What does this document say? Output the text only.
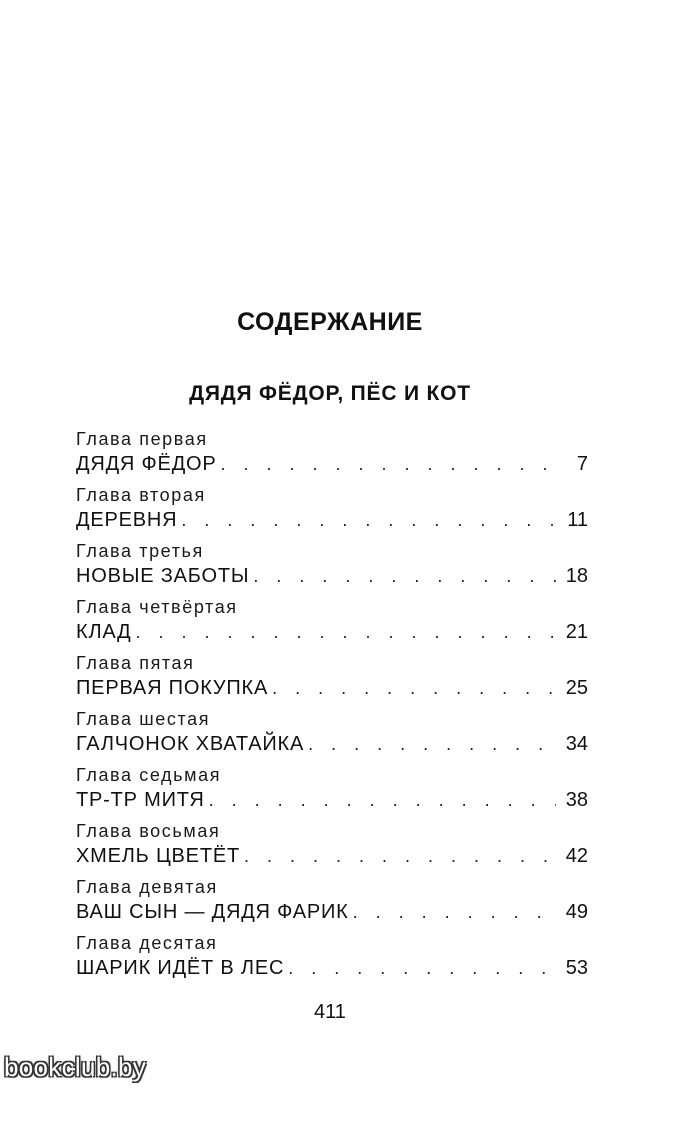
СОДЕРЖАНИЕ
ДЯДЯ ФЁДОР, ПЁС И КОТ
Глава первая
ДЯДЯ ФЁДОР . . .	7
Глава вторая
ДЕРЕВНЯ . . .	11
Глава третья
НОВЫЕ ЗАБОТЫ . . .	18
Глава четвёртая
КЛАД . . .	21
Глава пятая
ПЕРВАЯ ПОКУПКА . . .	25
Глава шестая
ГАЛЧОНОК ХВАТАЙКА . . .	34
Глава седьмая
ТР-ТР МИТЯ . . .	38
Глава восьмая
ХМЕЛЬ ЦВЕТЁТ . . .	42
Глава девятая
ВАШ СЫН — ДЯДЯ ФАРИК . . .	49
Глава десятая
ШАРИК ИДЁТ В ЛЕС . . .	53

411

bookclub.by
